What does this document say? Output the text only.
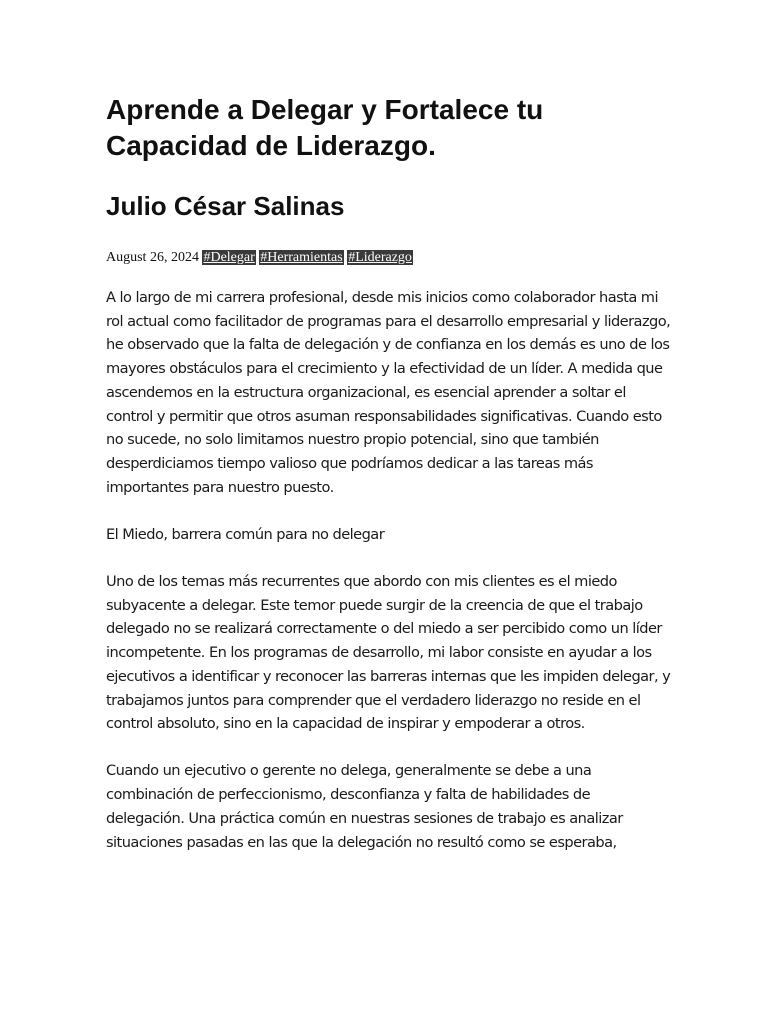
Aprende a Delegar y Fortalece tu Capacidad de Liderazgo.
Julio César Salinas
August 26, 2024 #Delegar #Herramientas #Liderazgo

A lo largo de mi carrera profesional, desde mis inicios como colaborador hasta mi rol actual como facilitador de programas para el desarrollo empresarial y liderazgo, he observado que la falta de delegación y de confianza en los demás es uno de los mayores obstáculos para el crecimiento y la efectividad de un líder. A medida que ascendemos en la estructura organizacional, es esencial aprender a soltar el control y permitir que otros asuman responsabilidades significativas. Cuando esto no sucede, no solo limitamos nuestro propio potencial, sino que también desperdiciamos tiempo valioso que podríamos dedicar a las tareas más importantes para nuestro puesto.

El Miedo, barrera común para no delegar

Uno de los temas más recurrentes que abordo con mis clientes es el miedo subyacente a delegar. Este temor puede surgir de la creencia de que el trabajo delegado no se realizará correctamente o del miedo a ser percibido como un líder incompetente. En los programas de desarrollo, mi labor consiste en ayudar a los ejecutivos a identificar y reconocer las barreras internas que les impiden delegar, y trabajamos juntos para comprender que el verdadero liderazgo no reside en el control absoluto, sino en la capacidad de inspirar y empoderar a otros.

Cuando un ejecutivo o gerente no delega, generalmente se debe a una combinación de perfeccionismo, desconfianza y falta de habilidades de delegación. Una práctica común en nuestras sesiones de trabajo es analizar situaciones pasadas en las que la delegación no resultó como se esperaba,
